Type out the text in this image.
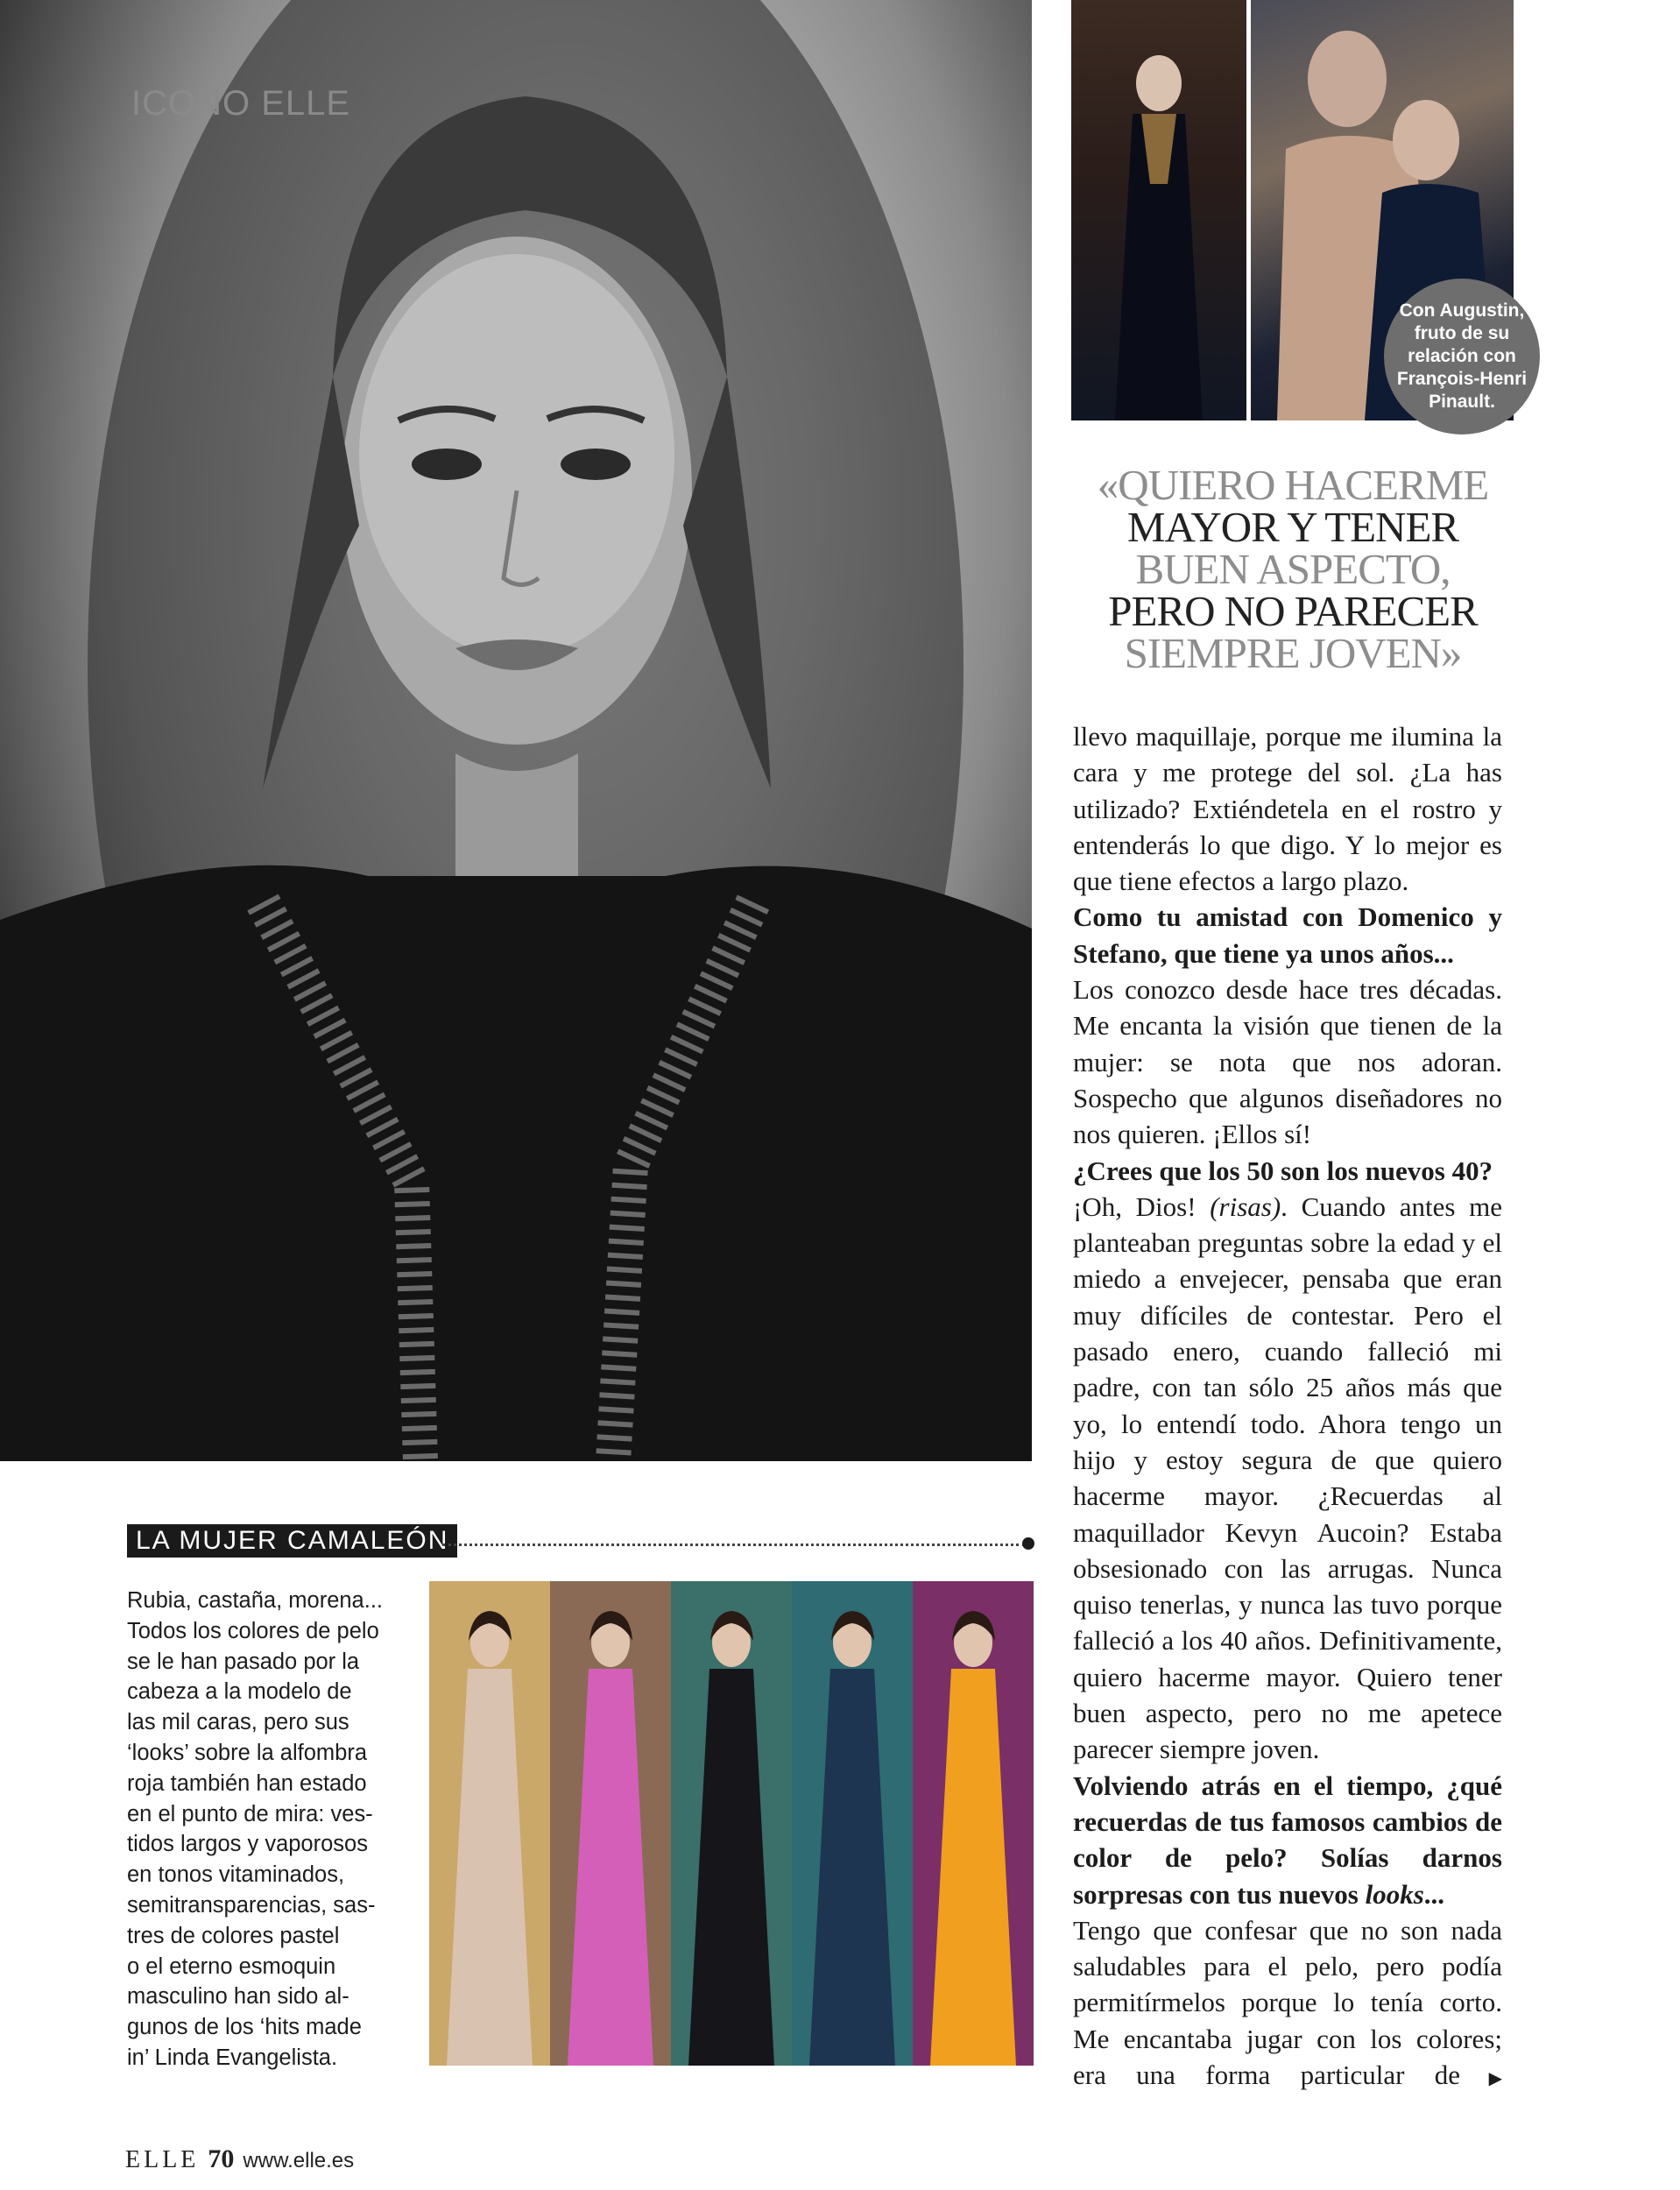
ICONO ELLE
Con Augustin, fruto de su relación con François-Henri Pinault.
«QUIERO HACERME
MAYOR Y TENER
BUEN ASPECTO,
PERO NO PARECER
SIEMPRE JOVEN»

llevo maquillaje, porque me ilumina la cara y me protege del sol. ¿La has utilizado? Extiéndetela en el rostro y entenderás lo que digo. Y lo mejor es que tiene efectos a largo plazo.

Como tu amistad con Domenico y Stefano, que tiene ya unos años...

Los conozco desde hace tres décadas. Me encanta la visión que tienen de la mujer: se nota que nos adoran. Sospecho que algunos diseñadores no nos quieren. ¡Ellos sí!

¿Crees que los 50 son los nuevos 40?

¡Oh, Dios! (risas). Cuando antes me planteaban preguntas sobre la edad y el miedo a envejecer, pensaba que eran muy difíciles de contestar. Pero el pasado enero, cuando falleció mi padre, con tan sólo 25 años más que yo, lo entendí todo. Ahora tengo un hijo y estoy segura de que quiero hacerme mayor. ¿Recuerdas al maquillador Kevyn Aucoin? Estaba obsesionado con las arrugas. Nunca quiso tenerlas, y nunca las tuvo porque falleció a los 40 años. Definitivamente, quiero hacerme mayor. Quiero tener buen aspecto, pero no me apetece parecer siempre joven.

Volviendo atrás en el tiempo, ¿qué recuerdas de tus famosos cambios de color de pelo? Solías darnos sorpresas con tus nuevos looks...

Tengo que confesar que no son nada saludables para el pelo, pero podía permitírmelos porque lo tenía corto. Me encantaba jugar con los colores; era una forma particular de ▶

LA MUJER CAMALEÓN
Rubia, castaña, morena...
Todos los colores de pelo
se le han pasado por la
cabeza a la modelo de
las mil caras, pero sus
‘looks’ sobre la alfombra
roja también han estado
en el punto de mira: ves-
tidos largos y vaporosos
en tonos vitaminados,
semitransparencias, sas-
tres de colores pastel
o el eterno esmoquin
masculino han sido al-
gunos de los ‘hits made
in’ Linda Evangelista.
ELLE 70 www.elle.es
